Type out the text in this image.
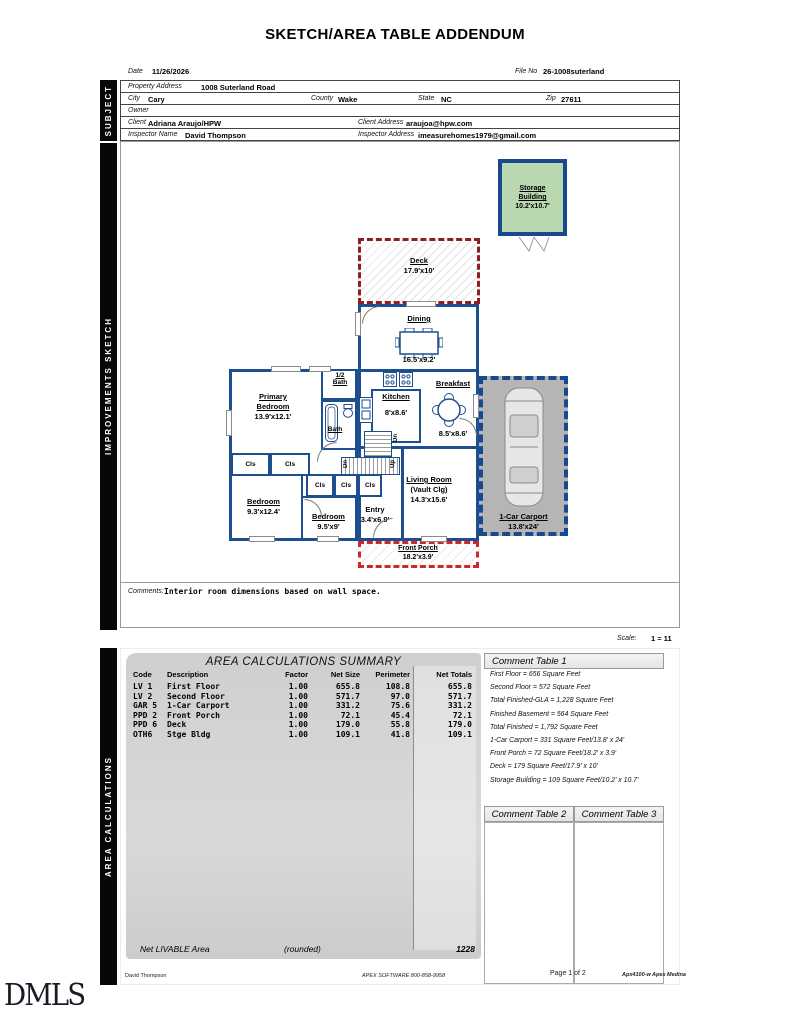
SKETCH/AREA TABLE ADDENDUM
SUBJECT
IMPROVEMENTS SKETCH
AREA CALCULATIONS
Date 11/26/2026	File No 26-1008suterland
Property Address	1008 Suterland Road
City Cary	County Wake	State NC	Zip 27611
Owner
Client Adriana Araujo/HPW	Client Address araujoa@hpw.com
Inspector Name David Thompson	Inspector Address imeasurehomes1979@gmail.com
Storage Building
10.2'x10.7'
Deck
17.9'x10'
1-Car Carport
13.8'x24'
Front Porch
18.2'x3.9'
Dining
16.5'x9.2'
Kitchen
8'x8.6'
Breakfast
8.5'x8.6'
1/2 Bath
Bath
Primary Bedroom
13.9'x12.1'
Cls	Cls
Cls Cls Cls
Dn
Dn	Up
Bedroom
9.3'x12.4'
Bedroom
9.5'x9'
Entry
3.4'x6.9'
Living Room
(Vault Clg)
14.3'x15.6'
Comments: Interior room dimensions based on wall space.
Scale: 1 = 11
AREA CALCULATIONS SUMMARY
Code	Description	Factor	Net Size	Perimeter	Net Totals
LV 1	First Floor	1.00	655.8	108.8	655.8
LV 2	Second Floor	1.00	571.7	97.0	571.7
GAR 5	1-Car Carport	1.00	331.2	75.6	331.2
PPD 2	Front Porch	1.00	72.1	45.4	72.1
PPD 6	Deck	1.00	179.0	55.8	179.0
OTH6	Stge Bldg	1.00	109.1	41.8	109.1
Net LIVABLE Area	(rounded)	1228
Comment Table 1
First Floor = 656 Square Feet
Second Floor = 572 Square Feet
Total Finished-GLA = 1,228 Square Feet
Finished Basement = 564 Square Feet
Total Finished = 1,792 Square Feet
1-Car Carport = 331 Square Feet/13.8' x 24'
Front Porch = 72 Square Feet/18.2' x 3.9'
Deck = 179 Square Feet/17.9' x 10'
Storage Building = 109 Square Feet/10.2' x 10.7'
Comment Table 2 Comment Table 3
David Thompson	APEX SOFTWARE 800-858-9958	Page 1 of 2	Apx4100-w Apex Medina
DMLS
